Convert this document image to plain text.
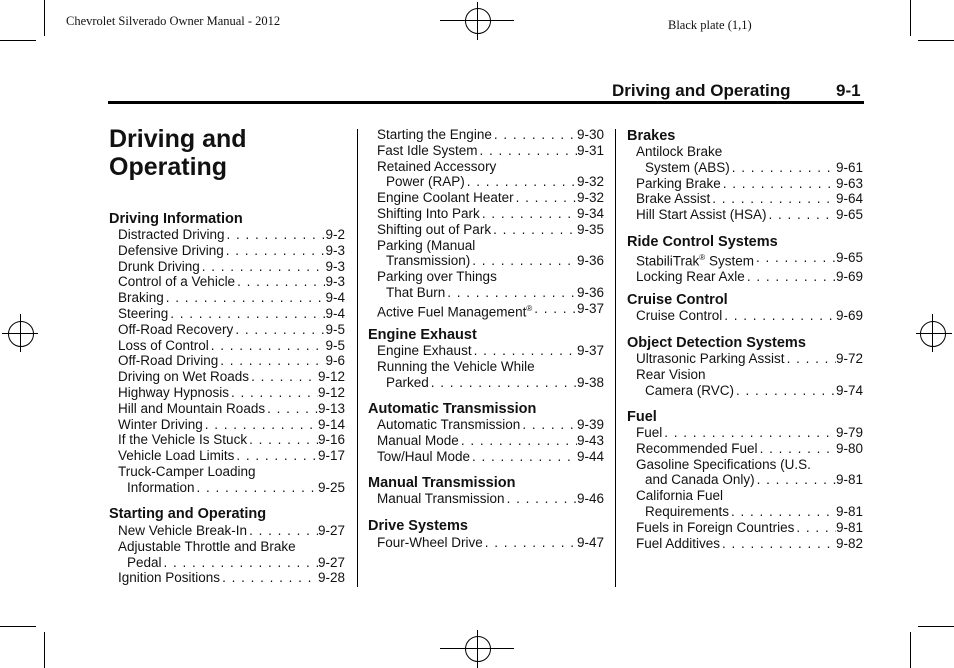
Chevrolet Silverado Owner Manual - 2012	Black plate (1,1)
Driving and Operating	9-1
Driving and
Operating
Driving Information
Distracted Driving . . .	9-2
Defensive Driving . . .	9-3
Drunk Driving . . .	9-3
Control of a Vehicle . . .	9-3
Braking . . .	9-4
Steering . . .	9-4
Off-Road Recovery . . .	9-5
Loss of Control . . .	9-5
Off-Road Driving . . .	9-6
Driving on Wet Roads . . .	9-12
Highway Hypnosis . . .	9-12
Hill and Mountain Roads . . .	9-13
Winter Driving . . .	9-14
If the Vehicle Is Stuck . . .	9-16
Vehicle Load Limits . . .	9-17
Truck-Camper Loading
Information . . .	9-25
Starting and Operating
New Vehicle Break-In . . .	9-27
Adjustable Throttle and Brake
Pedal . . .	9-27
Ignition Positions . . .	9-28
Starting the Engine . . .	9-30
Fast Idle System . . .	9-31
Retained Accessory
Power (RAP) . . .	9-32
Engine Coolant Heater . . .	9-32
Shifting Into Park . . .	9-34
Shifting out of Park . . .	9-35
Parking (Manual
Transmission) . . .	9-36
Parking over Things
That Burn . . .	9-36
Active Fuel Management® . . .	9-37
Engine Exhaust
Engine Exhaust . . .	9-37
Running the Vehicle While
Parked . . .	9-38
Automatic Transmission
Automatic Transmission . . .	9-39
Manual Mode . . .	9-43
Tow/Haul Mode . . .	9-44
Manual Transmission
Manual Transmission . . .	9-46
Drive Systems
Four-Wheel Drive . . .	9-47
Brakes
Antilock Brake
System (ABS) . . .	9-61
Parking Brake . . .	9-63
Brake Assist . . .	9-64
Hill Start Assist (HSA) . . .	9-65
Ride Control Systems
StabiliTrak® System . . .	9-65
Locking Rear Axle . . .	9-69
Cruise Control
Cruise Control . . .	9-69
Object Detection Systems
Ultrasonic Parking Assist . . .	9-72
Rear Vision
Camera (RVC) . . .	9-74
Fuel
Fuel . . .	9-79
Recommended Fuel . . .	9-80
Gasoline Specifications (U.S.
and Canada Only) . . .	9-81
California Fuel
Requirements . . .	9-81
Fuels in Foreign Countries . . .	9-81
Fuel Additives . . .	9-82
